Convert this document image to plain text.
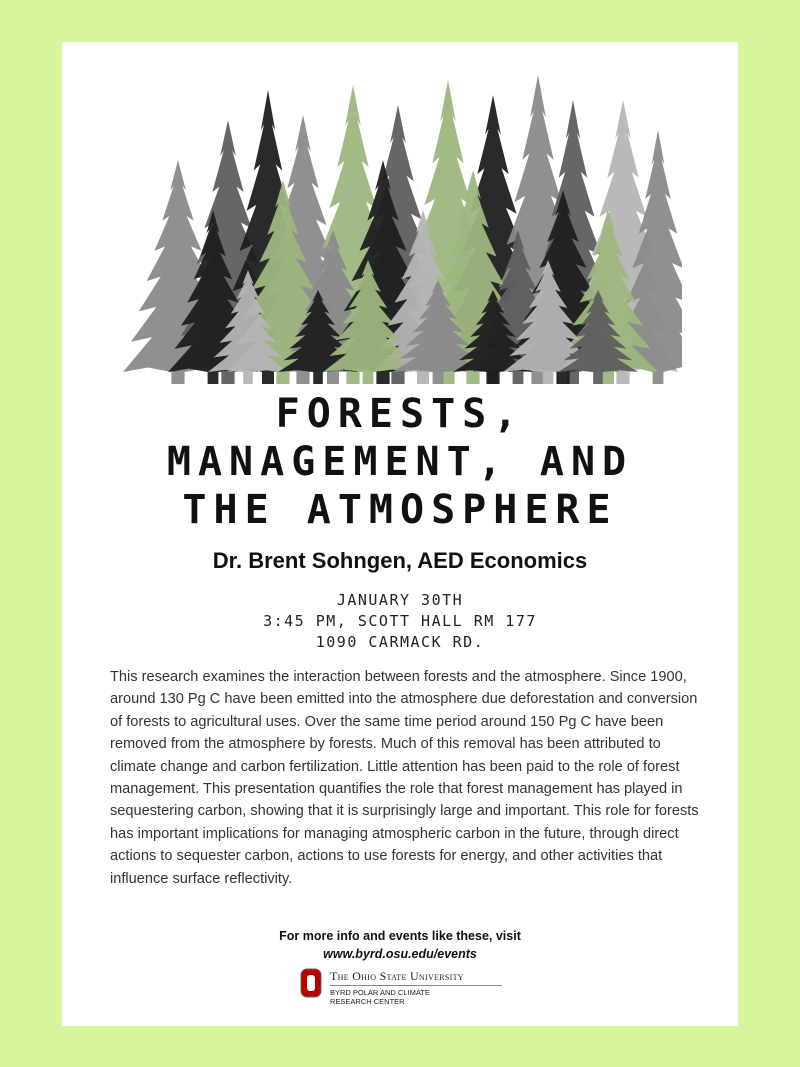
FORESTS,
MANAGEMENT, AND
THE ATMOSPHERE
Dr. Brent Sohngen, AED Economics
JANUARY 30TH
3:45 PM, SCOTT HALL RM 177
1090 CARMACK RD.
This research examines the interaction between forests and the atmosphere. Since 1900, around 130 Pg C have been emitted into the atmosphere due deforestation and conversion of forests to agricultural uses. Over the same time period around 150 Pg C have been removed from the atmosphere by forests. Much of this removal has been attributed to climate change and carbon fertilization. Little attention has been paid to the role of forest management. This presentation quantifies the role that forest management has played in sequestering carbon, showing that it is surprisingly large and important. This role for forests has important implications for managing atmospheric carbon in the future, through direct actions to sequester carbon, actions to use forests for energy, and other activities that influence surface reflectivity.
For more info and events like these, visit
www.byrd.osu.edu/events
The Ohio State University
BYRD POLAR AND CLIMATE
RESEARCH CENTER
